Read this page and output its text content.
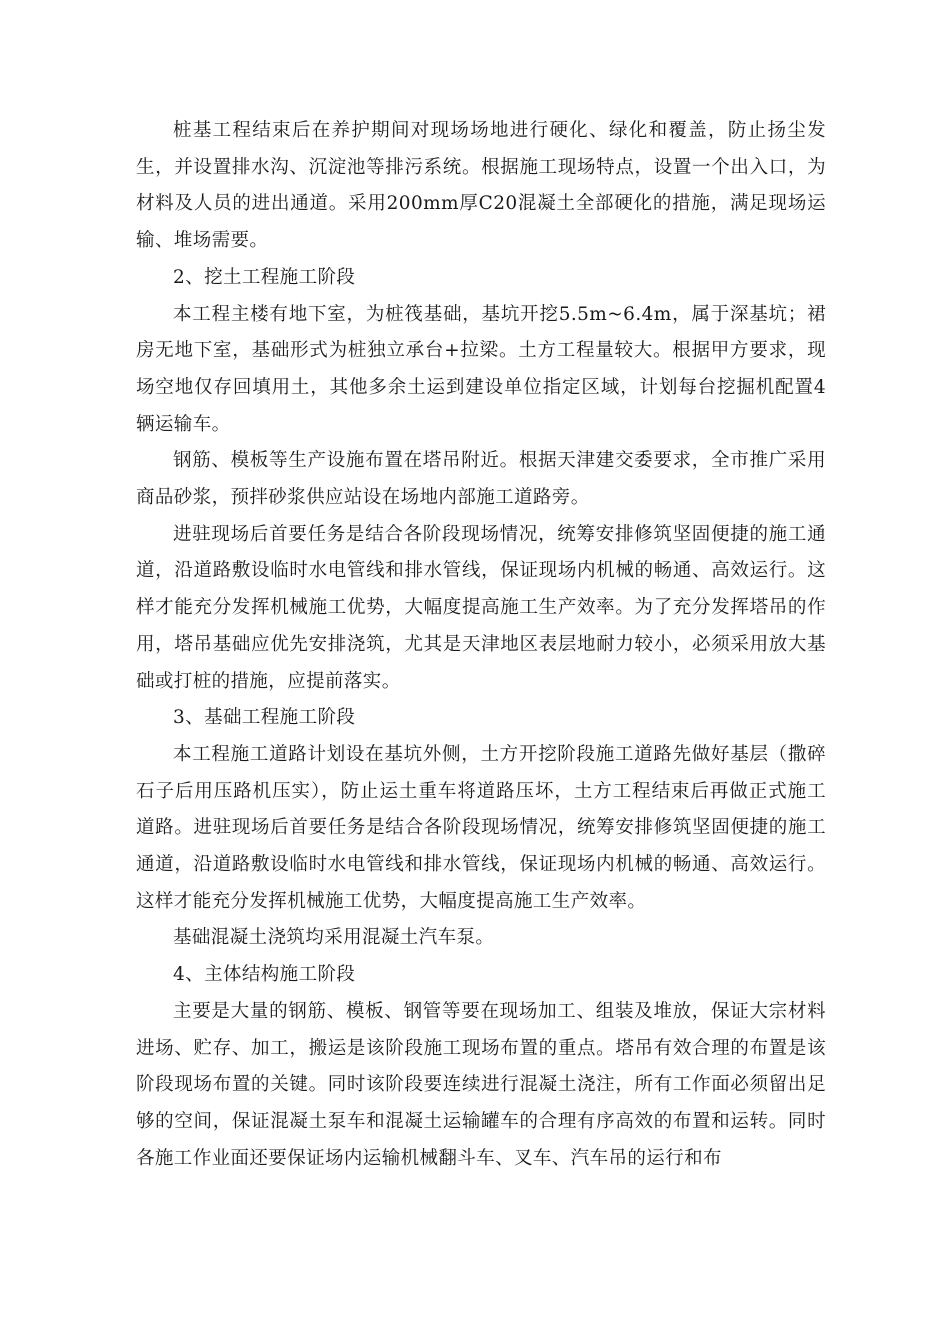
桩基工程结束后在养护期间对现场场地进行硬化、绿化和覆盖，防止扬尘发生，并设置排水沟、沉淀池等排污系统。根据施工现场特点，设置一个出入口，为材料及人员的进出通道。采用200mm厚C20混凝土全部硬化的措施，满足现场运输、堆场需要。

2、挖土工程施工阶段

本工程主楼有地下室，为桩筏基础，基坑开挖5.5m~6.4m，属于深基坑；裙房无地下室，基础形式为桩独立承台+拉梁。土方工程量较大。根据甲方要求，现场空地仅存回填用土，其他多余土运到建设单位指定区域，计划每台挖掘机配置4辆运输车。

钢筋、模板等生产设施布置在塔吊附近。根据天津建交委要求，全市推广采用商品砂浆，预拌砂浆供应站设在场地内部施工道路旁。

进驻现场后首要任务是结合各阶段现场情况，统筹安排修筑坚固便捷的施工通道，沿道路敷设临时水电管线和排水管线，保证现场内机械的畅通、高效运行。这样才能充分发挥机械施工优势，大幅度提高施工生产效率。为了充分发挥塔吊的作用，塔吊基础应优先安排浇筑，尤其是天津地区表层地耐力较小，必须采用放大基础或打桩的措施，应提前落实。

3、基础工程施工阶段

本工程施工道路计划设在基坑外侧，土方开挖阶段施工道路先做好基层（撒碎石子后用压路机压实），防止运土重车将道路压坏，土方工程结束后再做正式施工道路。进驻现场后首要任务是结合各阶段现场情况，统筹安排修筑坚固便捷的施工通道，沿道路敷设临时水电管线和排水管线，保证现场内机械的畅通、高效运行。这样才能充分发挥机械施工优势，大幅度提高施工生产效率。

基础混凝土浇筑均采用混凝土汽车泵。

4、主体结构施工阶段

主要是大量的钢筋、模板、钢管等要在现场加工、组装及堆放，保证大宗材料进场、贮存、加工，搬运是该阶段施工现场布置的重点。塔吊有效合理的布置是该阶段现场布置的关键。同时该阶段要连续进行混凝土浇注，所有工作面必须留出足够的空间，保证混凝土泵车和混凝土运输罐车的合理有序高效的布置和运转。同时各施工作业面还要保证场内运输机械翻斗车、叉车、汽车吊的运行和布
